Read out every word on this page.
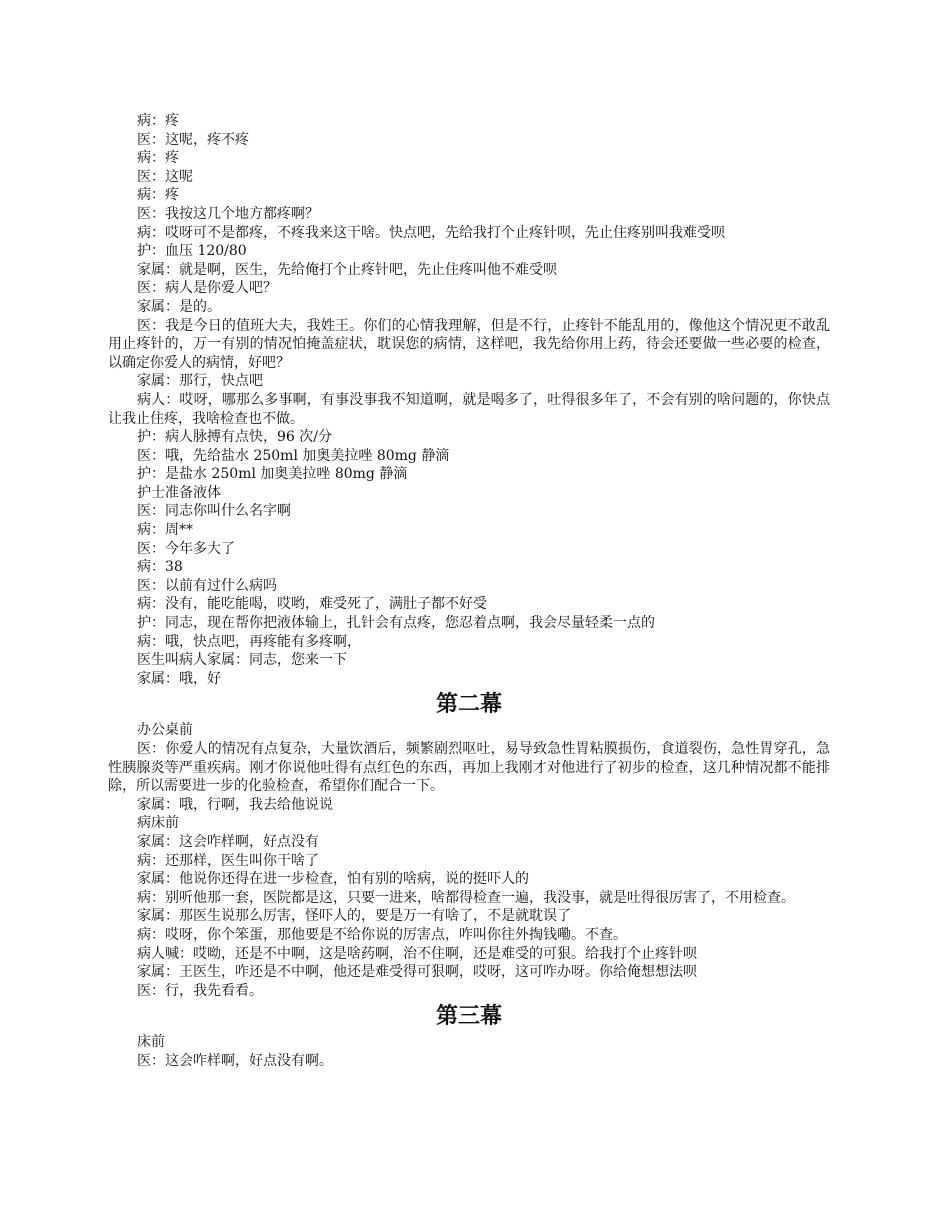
病：疼

医：这呢，疼不疼

病：疼

医：这呢

病：疼

医：我按这几个地方都疼啊？

病：哎呀可不是都疼，不疼我来这干啥。快点吧，先给我打个止疼针呗，先止住疼别叫我难受呗

护：血压 120/80

家属：就是啊，医生，先给俺打个止疼针吧，先止住疼叫他不难受呗

医：病人是你爱人吧？

家属：是的。

医：我是今日的值班大夫，我姓王。你们的心情我理解，但是不行，止疼针不能乱用的，像他这个情况更不敢乱用止疼针的，万一有别的情况怕掩盖症状，耽误您的病情，这样吧，我先给你用上药，待会还要做一些必要的检查，以确定你爱人的病情，好吧？

家属：那行，快点吧

病人：哎呀，哪那么多事啊，有事没事我不知道啊，就是喝多了，吐得很多年了，不会有别的啥问题的，你快点让我止住疼，我啥检查也不做。

护：病人脉搏有点快，96 次/分

医：哦，先给盐水 250ml 加奥美拉唑 80mg 静滴

护：是盐水 250ml 加奥美拉唑 80mg 静滴

护士准备液体

医：同志你叫什么名字啊

病：周**

医：今年多大了

病：38

医：以前有过什么病吗

病：没有，能吃能喝，哎哟，难受死了，满肚子都不好受

护：同志，现在帮你把液体输上，扎针会有点疼，您忍着点啊，我会尽量轻柔一点的

病：哦，快点吧，再疼能有多疼啊，

医生叫病人家属：同志，您来一下

家属：哦，好

第二幕

办公桌前

医：你爱人的情况有点复杂，大量饮酒后，频繁剧烈呕吐，易导致急性胃粘膜损伤，食道裂伤，急性胃穿孔，急性胰腺炎等严重疾病。刚才你说他吐得有点红色的东西，再加上我刚才对他进行了初步的检查，这几种情况都不能排除，所以需要进一步的化验检查，希望你们配合一下。

家属：哦，行啊，我去给他说说

病床前

家属：这会咋样啊，好点没有

病：还那样，医生叫你干啥了

家属：他说你还得在进一步检查，怕有别的啥病，说的挺吓人的

病：别听他那一套，医院都是这，只要一进来，啥都得检查一遍，我没事，就是吐得很厉害了，不用检查。

家属：那医生说那么厉害，怪吓人的，要是万一有啥了，不是就耽误了

病：哎呀，你个笨蛋，那他要是不给你说的厉害点，咋叫你往外掏钱嘞。不查。

病人喊：哎呦，还是不中啊，这是啥药啊，治不住啊，还是难受的可狠。给我打个止疼针呗

家属：王医生，咋还是不中啊，他还是难受得可狠啊，哎呀，这可咋办呀。你给俺想想法呗

医：行，我先看看。

第三幕

床前

医：这会咋样啊，好点没有啊。
